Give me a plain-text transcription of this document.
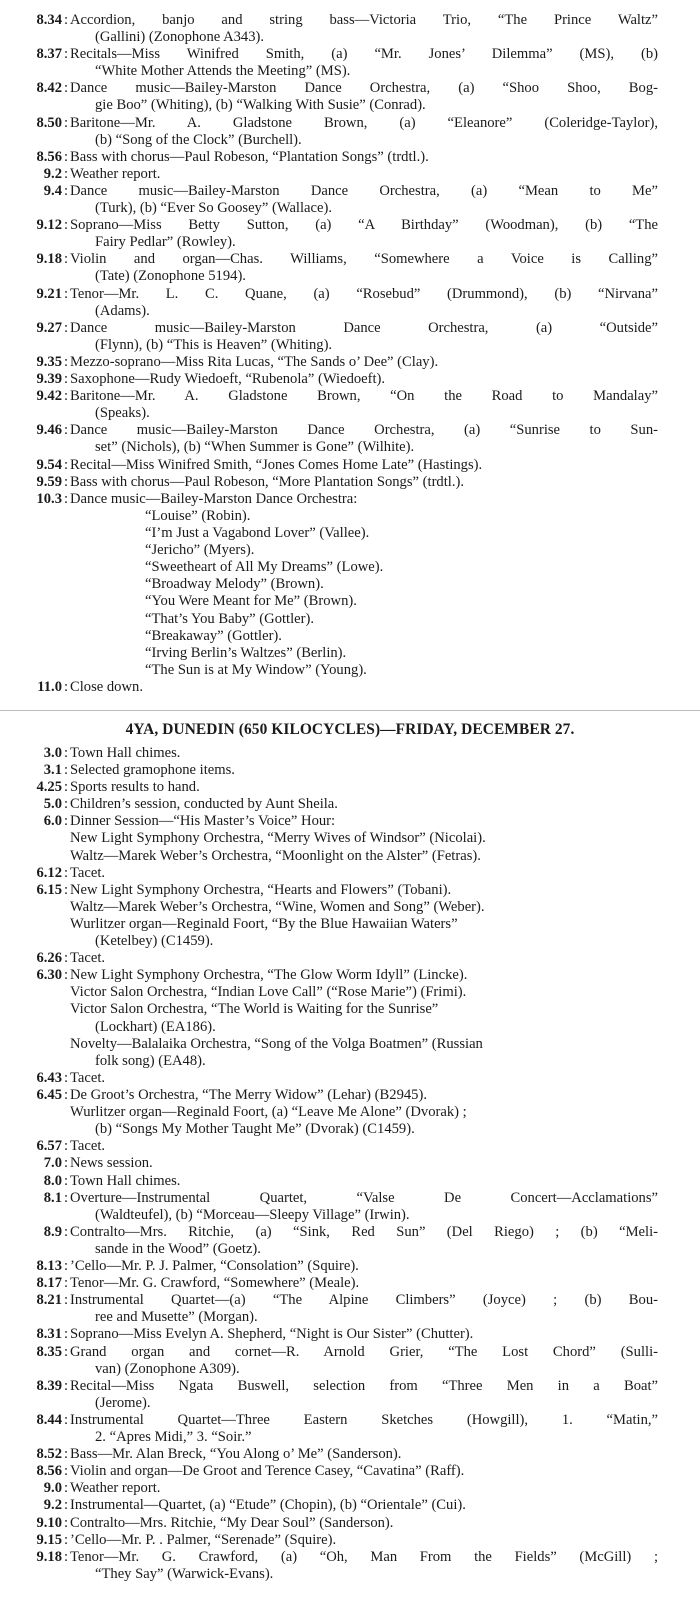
8.34 : Accordion, banjo and string bass—Victoria Trio, “The Prince Waltz”
(Gallini) (Zonophone A343).
8.37 : Recitals—Miss Winifred Smith, (a) “Mr. Jones’ Dilemma” (MS), (b)
“White Mother Attends the Meeting” (MS).
8.42 : Dance music—Bailey-Marston Dance Orchestra, (a) “Shoo Shoo, Bog-
gie Boo” (Whiting), (b) “Walking With Susie” (Conrad).
8.50 : Baritone—Mr. A. Gladstone Brown, (a) “Eleanore” (Coleridge-Taylor),
(b) “Song of the Clock” (Burchell).
8.56 : Bass with chorus—Paul Robeson, “Plantation Songs” (trdtl.).
9.2 : Weather report.
9.4 : Dance music—Bailey-Marston Dance Orchestra, (a) “Mean to Me”
(Turk), (b) “Ever So Goosey” (Wallace).
9.12 : Soprano—Miss Betty Sutton, (a) “A Birthday” (Woodman), (b) “The
Fairy Pedlar” (Rowley).
9.18 : Violin and organ—Chas. Williams, “Somewhere a Voice is Calling”
(Tate) (Zonophone 5194).
9.21 : Tenor—Mr. L. C. Quane, (a) “Rosebud” (Drummond), (b) “Nirvana”
(Adams).
9.27 : Dance music—Bailey-Marston Dance Orchestra, (a) “Outside”
(Flynn), (b) “This is Heaven” (Whiting).
9.35 : Mezzo-soprano—Miss Rita Lucas, “The Sands o’ Dee” (Clay).
9.39 : Saxophone—Rudy Wiedoeft, “Rubenola” (Wiedoeft).
9.42 : Baritone—Mr. A. Gladstone Brown, “On the Road to Mandalay”
(Speaks).
9.46 : Dance music—Bailey-Marston Dance Orchestra, (a) “Sunrise to Sun-
set” (Nichols), (b) “When Summer is Gone” (Wilhite).
9.54 : Recital—Miss Winifred Smith, “Jones Comes Home Late” (Hastings).
9.59 : Bass with chorus—Paul Robeson, “More Plantation Songs” (trdtl.).
10.3 : Dance music—Bailey-Marston Dance Orchestra:
“Louise” (Robin).
“I’m Just a Vagabond Lover” (Vallee).
“Jericho” (Myers).
“Sweetheart of All My Dreams” (Lowe).
“Broadway Melody” (Brown).
“You Were Meant for Me” (Brown).
“That’s You Baby” (Gottler).
“Breakaway” (Gottler).
“Irving Berlin’s Waltzes” (Berlin).
“The Sun is at My Window” (Young).
11.0 : Close down.
4YA, DUNEDIN (650 KILOCYCLES)—FRIDAY, DECEMBER 27.
3.0 : Town Hall chimes.
3.1 : Selected gramophone items.
4.25 : Sports results to hand.
5.0 : Children’s session, conducted by Aunt Sheila.
6.0 : Dinner Session—“His Master’s Voice” Hour:
New Light Symphony Orchestra, “Merry Wives of Windsor” (Nicolai).
Waltz—Marek Weber’s Orchestra, “Moonlight on the Alster” (Fetras).
6.12 : Tacet.
6.15 : New Light Symphony Orchestra, “Hearts and Flowers” (Tobani).
Waltz—Marek Weber’s Orchestra, “Wine, Women and Song” (Weber).
Wurlitzer organ—Reginald Foort, “By the Blue Hawaiian Waters”
(Ketelbey) (C1459).
6.26 : Tacet.
6.30 : New Light Symphony Orchestra, “The Glow Worm Idyll” (Lincke).
Victor Salon Orchestra, “Indian Love Call” (“Rose Marie”) (Frimi).
Victor Salon Orchestra, “The World is Waiting for the Sunrise”
(Lockhart) (EA186).
Novelty—Balalaika Orchestra, “Song of the Volga Boatmen” (Russian
folk song) (EA48).
6.43 : Tacet.
6.45 : De Groot’s Orchestra, “The Merry Widow” (Lehar) (B2945).
Wurlitzer organ—Reginald Foort, (a) “Leave Me Alone” (Dvorak) ;
(b) “Songs My Mother Taught Me” (Dvorak) (C1459).
6.57 : Tacet.
7.0 : News session.
8.0 : Town Hall chimes.
8.1 : Overture—Instrumental Quartet, “Valse De Concert—Acclamations”
(Waldteufel), (b) “Morceau—Sleepy Village” (Irwin).
8.9 : Contralto—Mrs. Ritchie, (a) “Sink, Red Sun” (Del Riego) ; (b) “Meli-
sande in the Wood” (Goetz).
8.13 : ’Cello—Mr. P. J. Palmer, “Consolation” (Squire).
8.17 : Tenor—Mr. G. Crawford, “Somewhere” (Meale).
8.21 : Instrumental Quartet—(a) “The Alpine Climbers” (Joyce) ; (b) Bou-
ree and Musette” (Morgan).
8.31 : Soprano—Miss Evelyn A. Shepherd, “Night is Our Sister” (Chutter).
8.35 : Grand organ and cornet—R. Arnold Grier, “The Lost Chord” (Sulli-
van) (Zonophone A309).
8.39 : Recital—Miss Ngata Buswell, selection from “Three Men in a Boat”
(Jerome).
8.44 : Instrumental Quartet—Three Eastern Sketches (Howgill), 1. “Matin,”
2. “Apres Midi,” 3. “Soir.”
8.52 : Bass—Mr. Alan Breck, “You Along o’ Me” (Sanderson).
8.56 : Violin and organ—De Groot and Terence Casey, “Cavatina” (Raff).
9.0 : Weather report.
9.2 : Instrumental—Quartet, (a) “Etude” (Chopin), (b) “Orientale” (Cui).
9.10 : Contralto—Mrs. Ritchie, “My Dear Soul” (Sanderson).
9.15 : ’Cello—Mr. P. . Palmer, “Serenade” (Squire).
9.18 : Tenor—Mr. G. Crawford, (a) “Oh, Man From the Fields” (McGill) ;
“They Say” (Warwick-Evans).
